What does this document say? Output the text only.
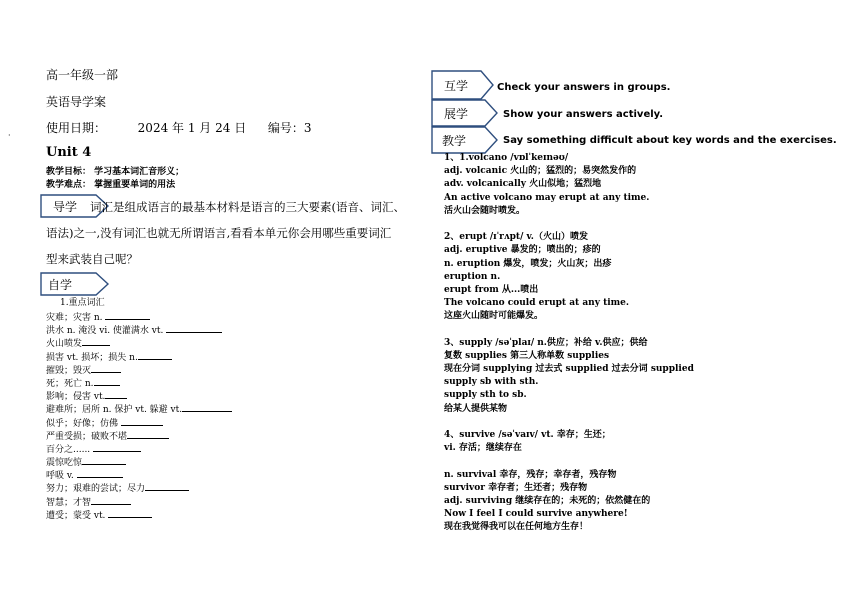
高一年级一部
英语导学案
使用日期：	2024 年 1 月 24 日 编号：3
·
Unit 4
教学目标： 学习基本词汇音形义；
教学难点： 掌握重要单词的用法
导学 词汇是组成语言的最基本材料是语言的三大要素(语音、词汇、
语法)之一,没有词汇也就无所谓语言,看看本单元你会用哪些重要词汇
型来武装自己呢？
自学
1.重点词汇
灾难；灾害 n.
洪水 n. 淹没 vi. 使灌满水 vt.
火山喷发
损害 vt. 损坏；损失 n.
摧毁；毁灭
死；死亡 n.
影响；侵害 vt.
避难所；居所 n. 保护 vt. 躲避 vt.
似乎；好像；仿佛
严重受损；破败不堪
百分之......
震惊吃惊
呼吸 v.
努力；艰难的尝试；尽力
智慧；才智
遭受；蒙受 vt.
互学	Check your answers in groups.
展学	Show your answers actively.
教学	Say something difficult about key words and the exercises.
1、1.volcano /vɒlˈkeɪnəʊ/
adj. volcanic 火山的；猛烈的；易突然发作的
adv. volcanically 火山似地；猛烈地
An active volcano may erupt at any time.
活火山会随时喷发。
2、erupt /ɪˈrʌpt/ v.（火山）喷发
adj. eruptive 暴发的；喷出的；疹的
n. eruption 爆发，喷发；火山灰；出疹
eruption n.
erupt from 从...喷出
The volcano could erupt at any time.
这座火山随时可能爆发。
3、supply /səˈplaɪ/ n.供应；补给 v.供应；供给
复数 supplies 第三人称单数 supplies
现在分词 supplying 过去式 supplied 过去分词 supplied
supply sb with sth.
supply sth to sb.
给某人提供某物
4、survive /səˈvaɪv/ vt. 幸存；生还；
vi. 存活；继续存在
n. survival 幸存，残存；幸存者，残存物
survivor 幸存者；生还者；残存物
adj. surviving 继续存在的；未死的；依然健在的
Now I feel I could survive anywhere!
现在我觉得我可以在任何地方生存！
